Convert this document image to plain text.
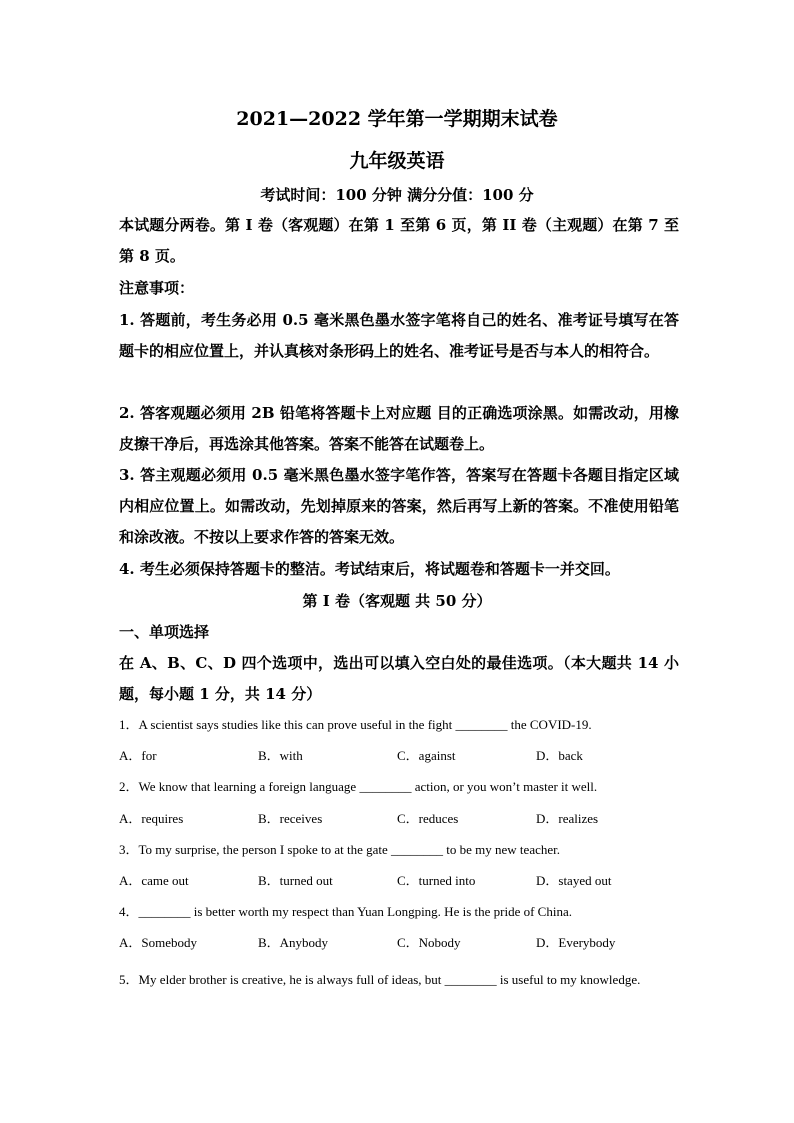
2021—2022 学年第一学期期末试卷
九年级英语
考试时间：100 分钟 满分分值：100 分
本试题分两卷。第 I 卷（客观题）在第 1 至第 6 页，第 II 卷（主观题）在第 7 至第 8 页。
注意事项：
1. 答题前，考生务必用 0.5 毫米黑色墨水签字笔将自己的姓名、准考证号填写在答题卡的相应位置上，并认真核对条形码上的姓名、准考证号是否与本人的相符合。
2. 答客观题必须用 2B 铅笔将答题卡上对应题 目的正确选项涂黑。如需改动，用橡皮擦干净后，再选涂其他答案。答案不能答在试题卷上。
3. 答主观题必须用 0.5 毫米黑色墨水签字笔作答，答案写在答题卡各题目指定区域内相应位置上。如需改动，先划掉原来的答案，然后再写上新的答案。不准使用铅笔和涂改液。不按以上要求作答的答案无效。
4. 考生必须保持答题卡的整洁。考试结束后，将试题卷和答题卡一并交回。
第 I 卷（客观题 共 50 分）
一、单项选择
在 A、B、C、D 四个选项中，选出可以填入空白处的最佳选项。（本大题共 14 小题，每小题 1 分，共 14 分）
1．A scientist says studies like this can prove useful in the fight ________ the COVID-19.
A．for	B．with	C．against	D．back
2．We know that learning a foreign language ________ action, or you won’t master it well.
A．requires	B．receives	C．reduces	D．realizes
3．To my surprise, the person I spoke to at the gate ________ to be my new teacher.
A．came out	B．turned out	C．turned into	D．stayed out
4．________ is better worth my respect than Yuan Longping. He is the pride of China.
A．Somebody	B．Anybody	C．Nobody	D．Everybody
5．My elder brother is creative, he is always full of ideas, but ________ is useful to my knowledge.
